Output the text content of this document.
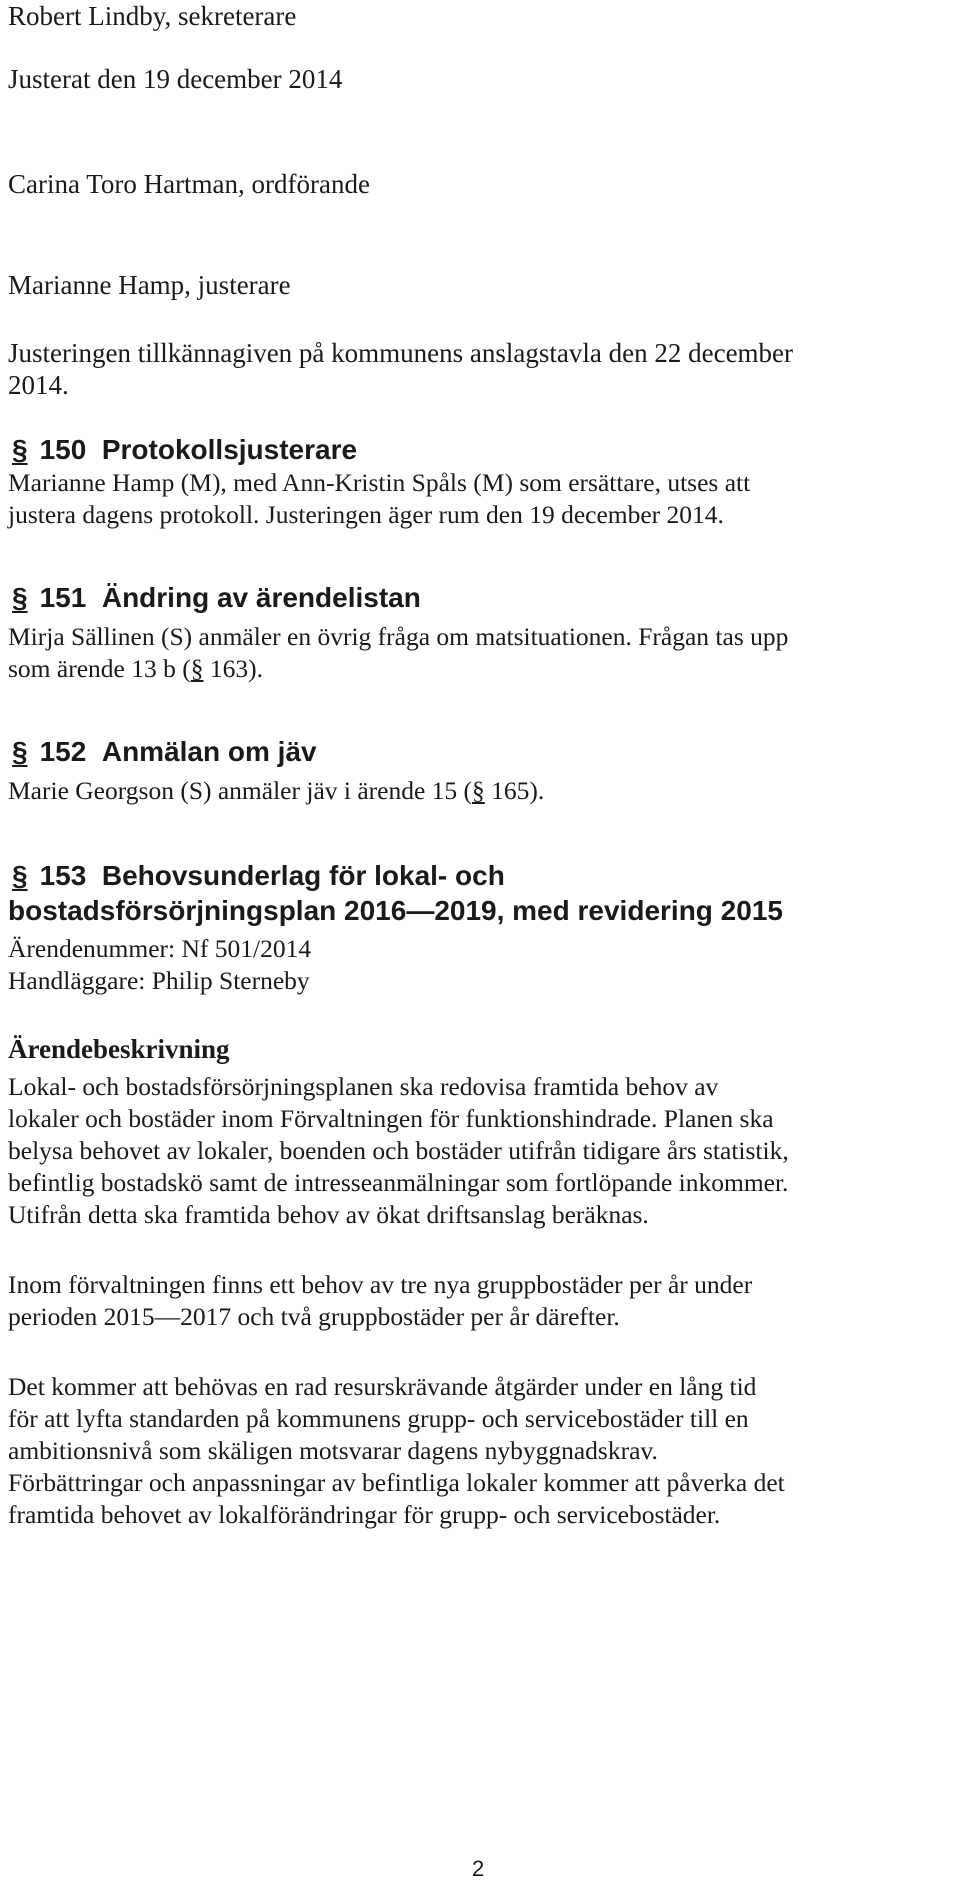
Robert Lindby, sekreterare
Justerat den 19 december 2014
Carina Toro Hartman, ordförande
Marianne Hamp, justerare
Justeringen tillkännagiven på kommunens anslagstavla den 22 december
2014.
§ 150 Protokollsjusterare
Marianne Hamp (M), med Ann-Kristin Spåls (M) som ersättare, utses att
justera dagens protokoll. Justeringen äger rum den 19 december 2014.
§ 151 Ändring av ärendelistan
Mirja Sällinen (S) anmäler en övrig fråga om matsituationen. Frågan tas upp
som ärende 13 b (§ 163).
§ 152 Anmälan om jäv
Marie Georgson (S) anmäler jäv i ärende 15 (§ 165).
§ 153 Behovsunderlag för lokal- och
bostadsförsörjningsplan 2016—2019, med revidering 2015
Ärendenummer: Nf 501/2014
Handläggare: Philip Sterneby
Ärendebeskrivning
Lokal- och bostadsförsörjningsplanen ska redovisa framtida behov av
lokaler och bostäder inom Förvaltningen för funktionshindrade. Planen ska
belysa behovet av lokaler, boenden och bostäder utifrån tidigare års statistik,
befintlig bostadskö samt de intresseanmälningar som fortlöpande inkommer.
Utifrån detta ska framtida behov av ökat driftsanslag beräknas.
Inom förvaltningen finns ett behov av tre nya gruppbostäder per år under
perioden 2015—2017 och två gruppbostäder per år därefter.
Det kommer att behövas en rad resurskrävande åtgärder under en lång tid
för att lyfta standarden på kommunens grupp- och servicebostäder till en
ambitionsnivå som skäligen motsvarar dagens nybyggnadskrav.
Förbättringar och anpassningar av befintliga lokaler kommer att påverka det
framtida behovet av lokalförändringar för grupp- och servicebostäder.
2
